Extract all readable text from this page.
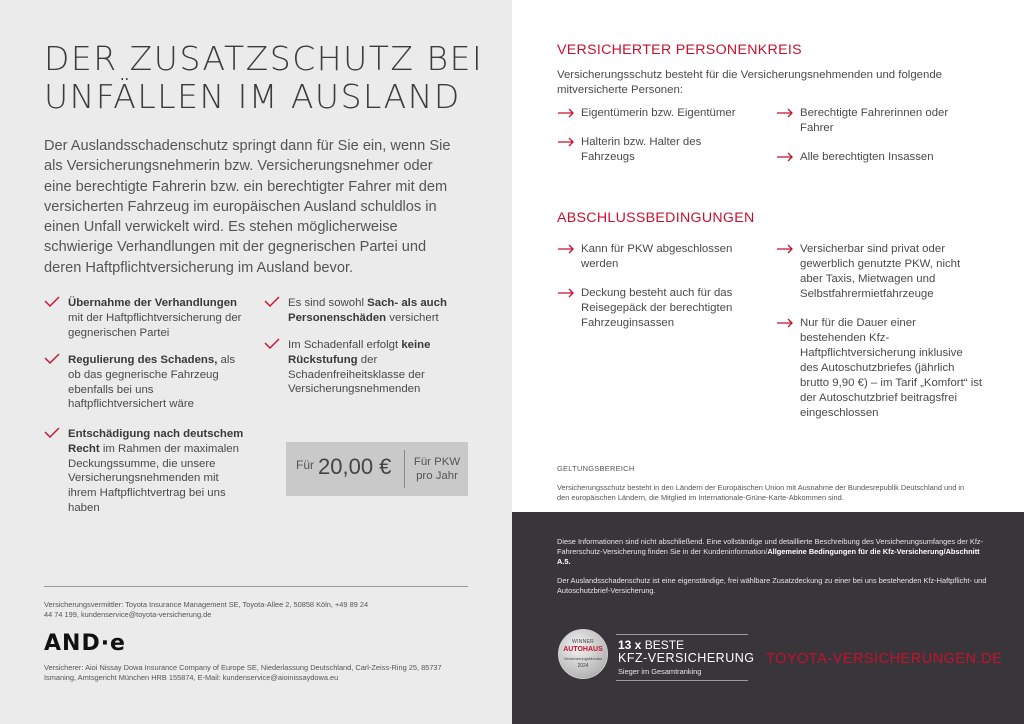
DER ZUSATZSCHUTZ BEI
UNFÄLLEN IM AUSLAND

Der Auslandsschadenschutz springt dann für Sie ein, wenn Sie als Versicherungsnehmerin bzw. Versicherungsnehmer oder eine berechtigte Fahrerin bzw. ein berechtigter Fahrer mit dem versicherten Fahrzeug im europäischen Ausland schuldlos in einen Unfall verwickelt wird. Es stehen möglicherweise schwierige Verhandlungen mit der gegnerischen Partei und deren Haftpflichtversicherung im Ausland bevor.

Übernahme der Verhandlungen mit der Haftpflichtversicherung der gegnerischen Partei
Regulierung des Schadens, als ob das gegnerische Fahrzeug ebenfalls bei uns haftpflichtversichert wäre
Entschädigung nach deutschem Recht im Rahmen der maximalen Deckungssumme, die unsere Versicherungsnehmenden mit ihrem Haftpflichtvertrag bei uns haben
Es sind sowohl Sach- als auch Personenschäden versichert
Im Schadenfall erfolgt keine Rückstufung der Schadenfreiheitsklasse der Versicherungsnehmenden
Für 20,00 €	Für PKW pro Jahr
Versicherungsvermittler: Toyota Insurance Management SE, Toyota-Allee 2, 50858 Köln, +49 89 24 44 74 199, kundenservice@toyota-versicherung.de
AND·e
Versicherer: Aioi Nissay Dowa Insurance Company of Europe SE, Niederlassung Deutschland, Carl-Zeiss-Ring 25, 85737 Ismaning, Amtsgericht München HRB 155874, E-Mail: kundenservice@aioinissaydowa.eu
VERSICHERTER PERSONENKREIS
Versicherungsschutz besteht für die Versicherungsnehmenden und folgende mitversicherte Personen:
Eigentümerin bzw. Eigentümer
Halterin bzw. Halter des Fahrzeugs
Berechtigte Fahrerinnen oder Fahrer
Alle berechtigten Insassen
ABSCHLUSSBEDINGUNGEN
Kann für PKW abgeschlossen werden
Deckung besteht auch für das Reisegepäck der berechtigten Fahrzeuginsassen
Versicherbar sind privat oder gewerblich genutzte PKW, nicht aber Taxis, Mietwagen und Selbstfahrermietfahrzeuge
Nur für die Dauer einer bestehenden Kfz-Haftpflichtversicherung inklusive des Autoschutzbriefes (jährlich brutto 9,90 €) – im Tarif „Komfort“ ist der Autoschutzbrief beitragsfrei eingeschlossen
GELTUNGSBEREICH
Versicherungsschutz besteht in den Ländern der Europäischen Union mit Ausnahme der Bundesrepublik Deutschland und in den europäischen Ländern, die Mitglied im Internationale-Grüne-Karte-Abkommen sind.
Diese Informationen sind nicht abschließend. Eine vollständige und detaillierte Beschreibung des Versicherungsumfanges der Kfz-Fahrerschutz-Versicherung finden Sie in der Kundeninformation/Allgemeine Bedingungen für die Kfz-Versicherung/Abschnitt A.5.
Der Auslandsschadenschutz ist eine eigenständige, frei wählbare Zusatzdeckung zu einer bei uns bestehenden Kfz-Haftpflicht- und Autoschutzbrief-Versicherung.
WINNER
AUTOHAUS
VersicherungsMonitor
2024
13 x BESTE
KFZ-VERSICHERUNG
Sieger im Gesamtranking
TOYOTA-VERSICHERUNGEN.DE
